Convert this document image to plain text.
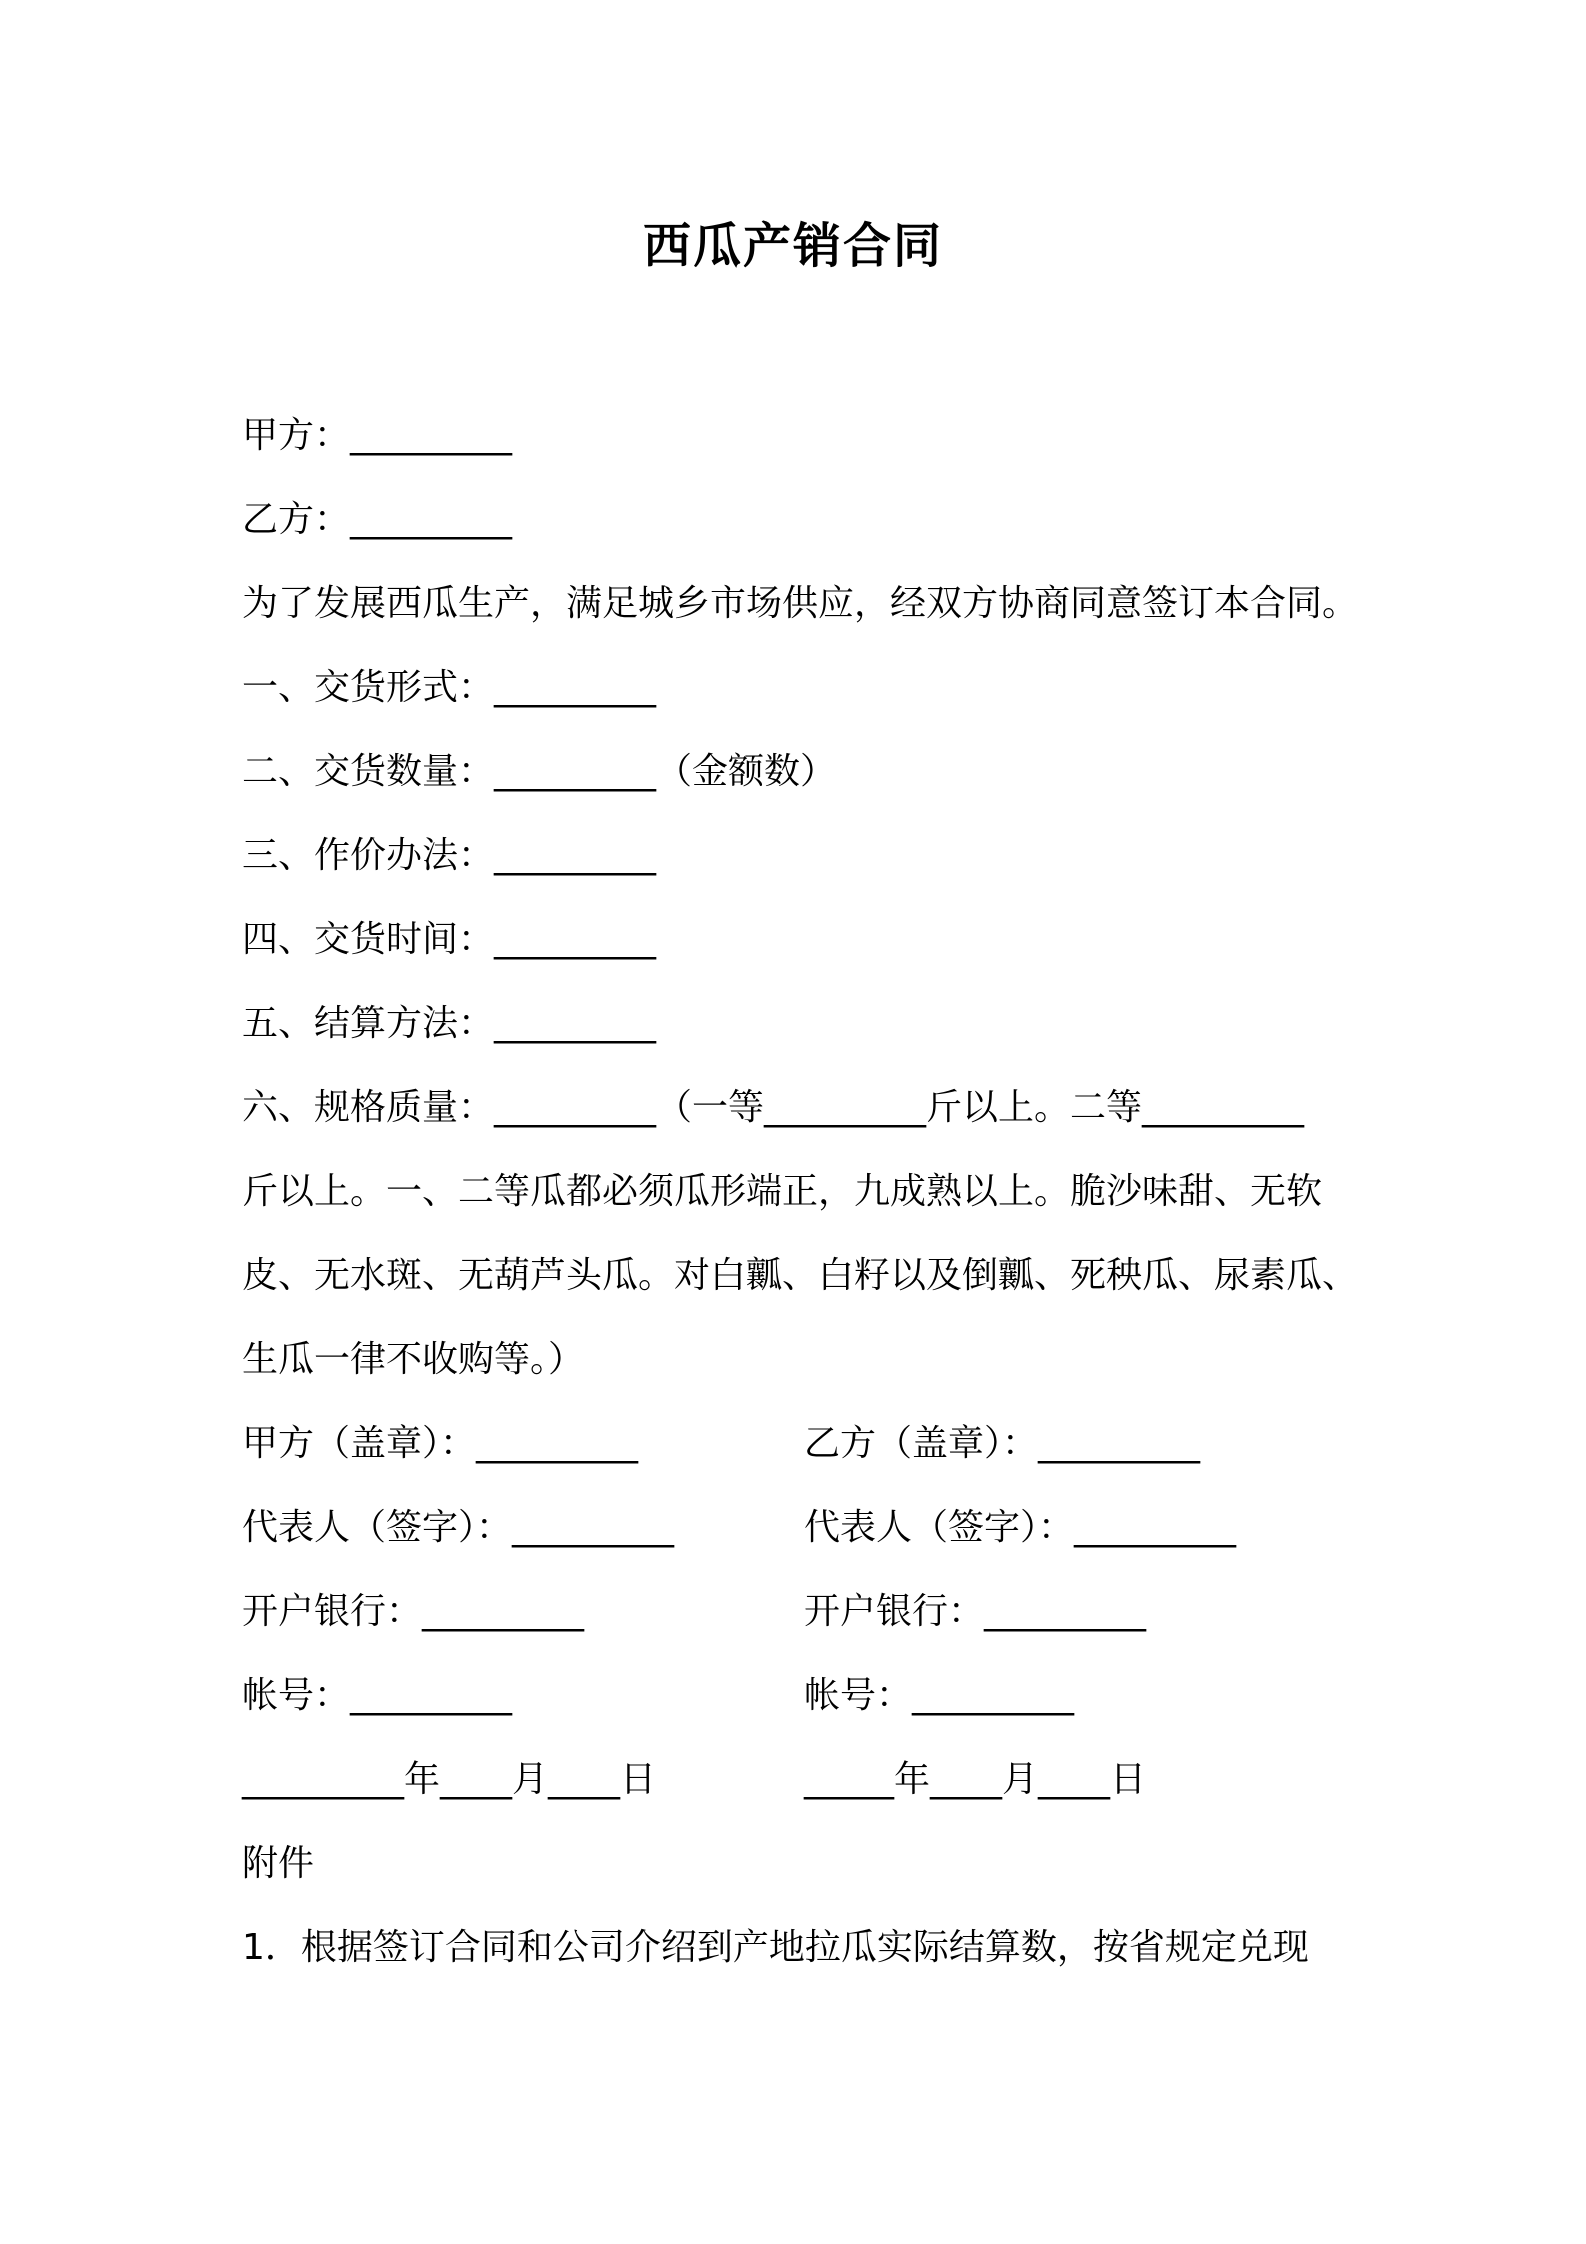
西瓜产销合同
甲方：_________
乙方：_________
为了发展西瓜生产，满足城乡市场供应，经双方协商同意签订本合同。
一、交货形式：_________
二、交货数量：_________（金额数）
三、作价办法：_________
四、交货时间：_________
五、结算方法：_________
六、规格质量：_________（一等_________斤以上。二等_________
斤以上。一、二等瓜都必须瓜形端正，九成熟以上。脆沙味甜、无软
皮、无水斑、无葫芦头瓜。对白瓤、白籽以及倒瓤、死秧瓜、尿素瓜、
生瓜一律不收购等。）
甲方（盖章）：_________	乙方（盖章）：_________
代表人（签字）：_________	代表人（签字）：_________
开户银行：_________	开户银行：_________
帐号：_________	帐号：_________
_________年____月____日	_____年____月____日
附件
1．根据签订合同和公司介绍到产地拉瓜实际结算数，按省规定兑现
